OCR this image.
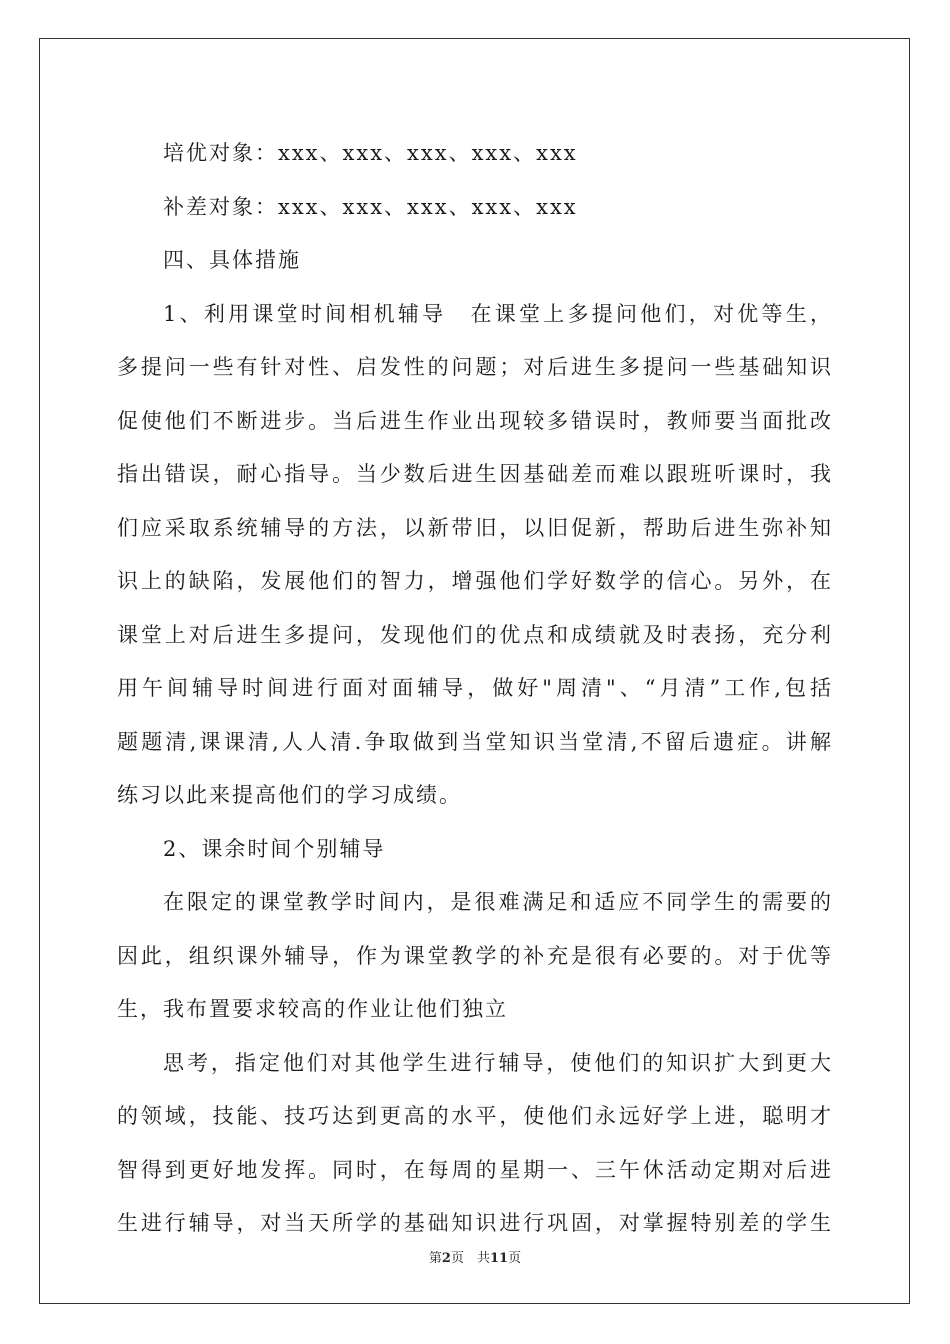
培优对象：xxx、xxx、xxx、xxx、xxx
补差对象：xxx、xxx、xxx、xxx、xxx
四、具体措施
1、利用课堂时间相机辅导　在课堂上多提问他们，对优等生，
多提问一些有针对性、启发性的问题；对后进生多提问一些基础知识
促使他们不断进步。当后进生作业出现较多错误时，教师要当面批改
指出错误，耐心指导。当少数后进生因基础差而难以跟班听课时，我
们应采取系统辅导的方法，以新带旧，以旧促新，帮助后进生弥补知
识上的缺陷，发展他们的智力，增强他们学好数学的信心。另外，在
课堂上对后进生多提问，发现他们的优点和成绩就及时表扬，充分利
用午间辅导时间进行面对面辅导，做好"周清"、“月清”工作,包括
题题清,课课清,人人清.争取做到当堂知识当堂清,不留后遗症。讲解
练习以此来提高他们的学习成绩。
2、课余时间个别辅导
在限定的课堂教学时间内，是很难满足和适应不同学生的需要的
因此，组织课外辅导，作为课堂教学的补充是很有必要的。对于优等
生，我布置要求较高的作业让他们独立
思考，指定他们对其他学生进行辅导，使他们的知识扩大到更大
的领域，技能、技巧达到更高的水平，使他们永远好学上进，聪明才
智得到更好地发挥。同时，在每周的星期一、三午休活动定期对后进
生进行辅导，对当天所学的基础知识进行巩固，对掌握特别差的学生
第2页　共11页
